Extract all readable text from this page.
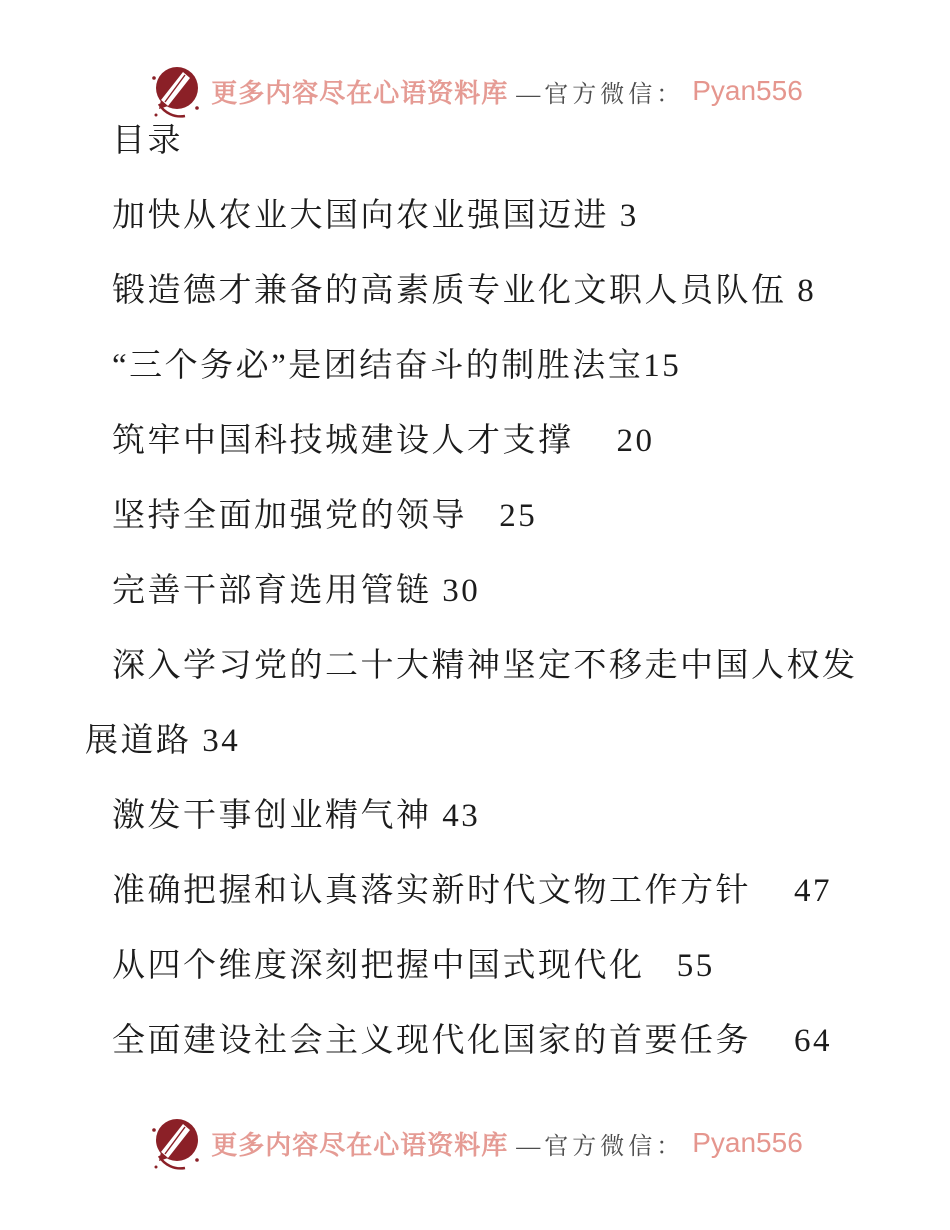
更多内容尽在心语资料库 —官方微信： Pyan556
目录

加快从农业大国向农业强国迈进 3

锻造德才兼备的高素质专业化文职人员队伍 8

“三个务必”是团结奋斗的制胜法宝15

筑牢中国科技城建设人才支撑    20

坚持全面加强党的领导   25

完善干部育选用管链 30

深入学习党的二十大精神坚定不移走中国人权发展道路 34

激发干事创业精气神 43

准确把握和认真落实新时代文物工作方针    47

从四个维度深刻把握中国式现代化   55

全面建设社会主义现代化国家的首要任务    64

更多内容尽在心语资料库 —官方微信： Pyan556
